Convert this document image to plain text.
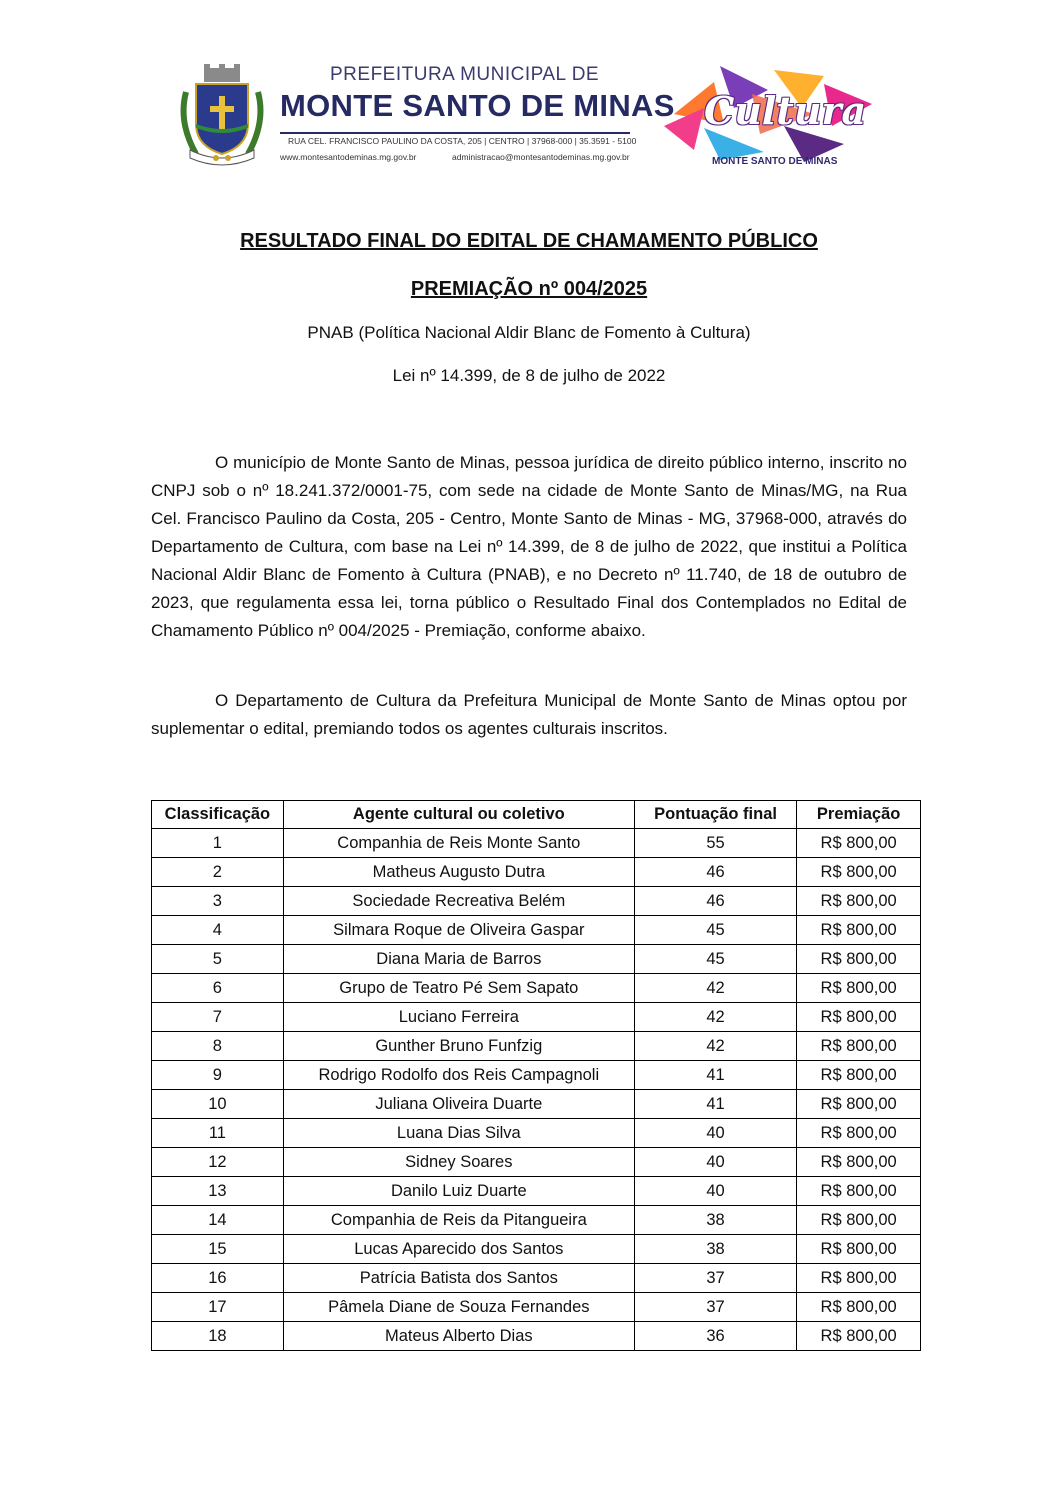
PREFEITURA MUNICIPAL DE
MONTE SANTO DE MINAS
RUA CEL. FRANCISCO PAULINO DA COSTA, 205 | CENTRO | 37968-000 | 35.3591 - 5100
www.montesantodeminas.mg.gov.br	administracao@montesantodeminas.mg.gov.br
Cultura
MONTE SANTO DE MINAS
RESULTADO FINAL DO EDITAL DE CHAMAMENTO PÚBLICO
PREMIAÇÃO nº 004/2025
PNAB (Política Nacional Aldir Blanc de Fomento à Cultura)
Lei nº 14.399, de 8 de julho de 2022

O município de Monte Santo de Minas, pessoa jurídica de direito público interno, inscrito no CNPJ sob o nº 18.241.372/0001-75, com sede na cidade de Monte Santo de Minas/MG, na Rua Cel. Francisco Paulino da Costa, 205 - Centro, Monte Santo de Minas - MG, 37968-000, através do Departamento de Cultura, com base na Lei nº 14.399, de 8 de julho de 2022, que institui a Política Nacional Aldir Blanc de Fomento à Cultura (PNAB), e no Decreto nº 11.740, de 18 de outubro de 2023, que regulamenta essa lei, torna público o Resultado Final dos Contemplados no Edital de Chamamento Público nº 004/2025 - Premiação, conforme abaixo.

O Departamento de Cultura da Prefeitura Municipal de Monte Santo de Minas optou por suplementar o edital, premiando todos os agentes culturais inscritos.

Classificação	Agente cultural ou coletivo	Pontuação final	Premiação
1	Companhia de Reis Monte Santo	55	R$ 800,00
2	Matheus Augusto Dutra	46	R$ 800,00
3	Sociedade Recreativa Belém	46	R$ 800,00
4	Silmara Roque de Oliveira Gaspar	45	R$ 800,00
5	Diana Maria de Barros	45	R$ 800,00
6	Grupo de Teatro Pé Sem Sapato	42	R$ 800,00
7	Luciano Ferreira	42	R$ 800,00
8	Gunther Bruno Funfzig	42	R$ 800,00
9	Rodrigo Rodolfo dos Reis Campagnoli	41	R$ 800,00
10	Juliana Oliveira Duarte	41	R$ 800,00
11	Luana Dias Silva	40	R$ 800,00
12	Sidney Soares	40	R$ 800,00
13	Danilo Luiz Duarte	40	R$ 800,00
14	Companhia de Reis da Pitangueira	38	R$ 800,00
15	Lucas Aparecido dos Santos	38	R$ 800,00
16	Patrícia Batista dos Santos	37	R$ 800,00
17	Pâmela Diane de Souza Fernandes	37	R$ 800,00
18	Mateus Alberto Dias	36	R$ 800,00
